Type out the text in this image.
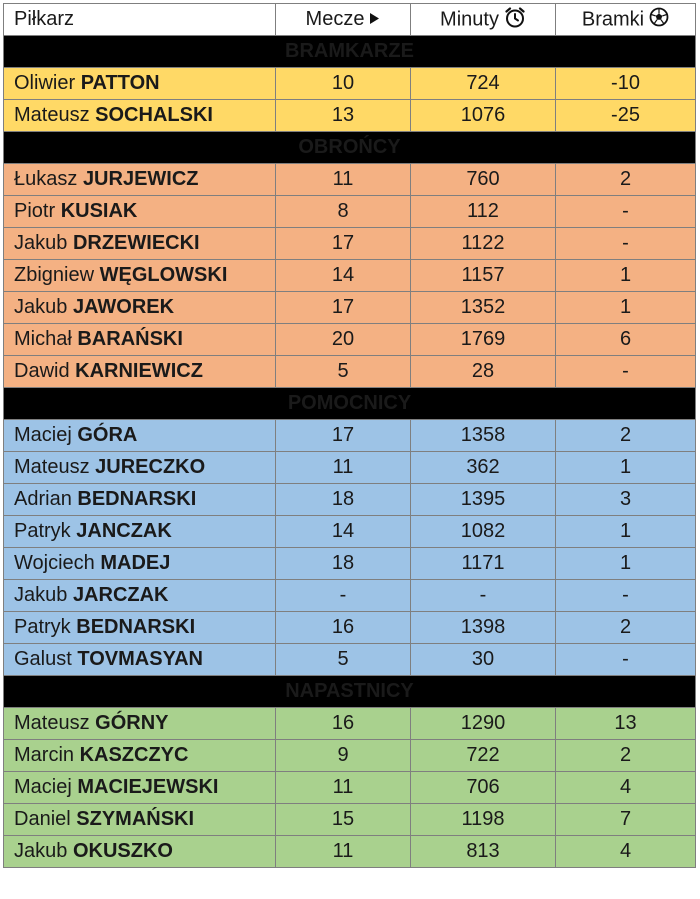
Piłkarz	Mecze	Minuty	Bramki
BRAMKARZE			
Oliwier PATTON	10	724	-10
Mateusz SOCHALSKI	13	1076	-25
OBROŃCY			
Łukasz JURJEWICZ	11	760	2
Piotr KUSIAK	8	112	-
Jakub DRZEWIECKI	17	1122	-
Zbigniew WĘGLOWSKI	14	1157	1
Jakub JAWOREK	17	1352	1
Michał BARAŃSKI	20	1769	6
Dawid KARNIEWICZ	5	28	-
POMOCNICY			
Maciej GÓRA	17	1358	2
Mateusz JURECZKO	11	362	1
Adrian BEDNARSKI	18	1395	3
Patryk JANCZAK	14	1082	1
Wojciech MADEJ	18	1171	1
Jakub JARCZAK	-	-	-
Patryk BEDNARSKI	16	1398	2
Galust TOVMASYAN	5	30	-
NAPASTNICY			
Mateusz GÓRNY	16	1290	13
Marcin KASZCZYC	9	722	2
Maciej MACIEJEWSKI	11	706	4
Daniel SZYMAŃSKI	15	1198	7
Jakub OKUSZKO	11	813	4
